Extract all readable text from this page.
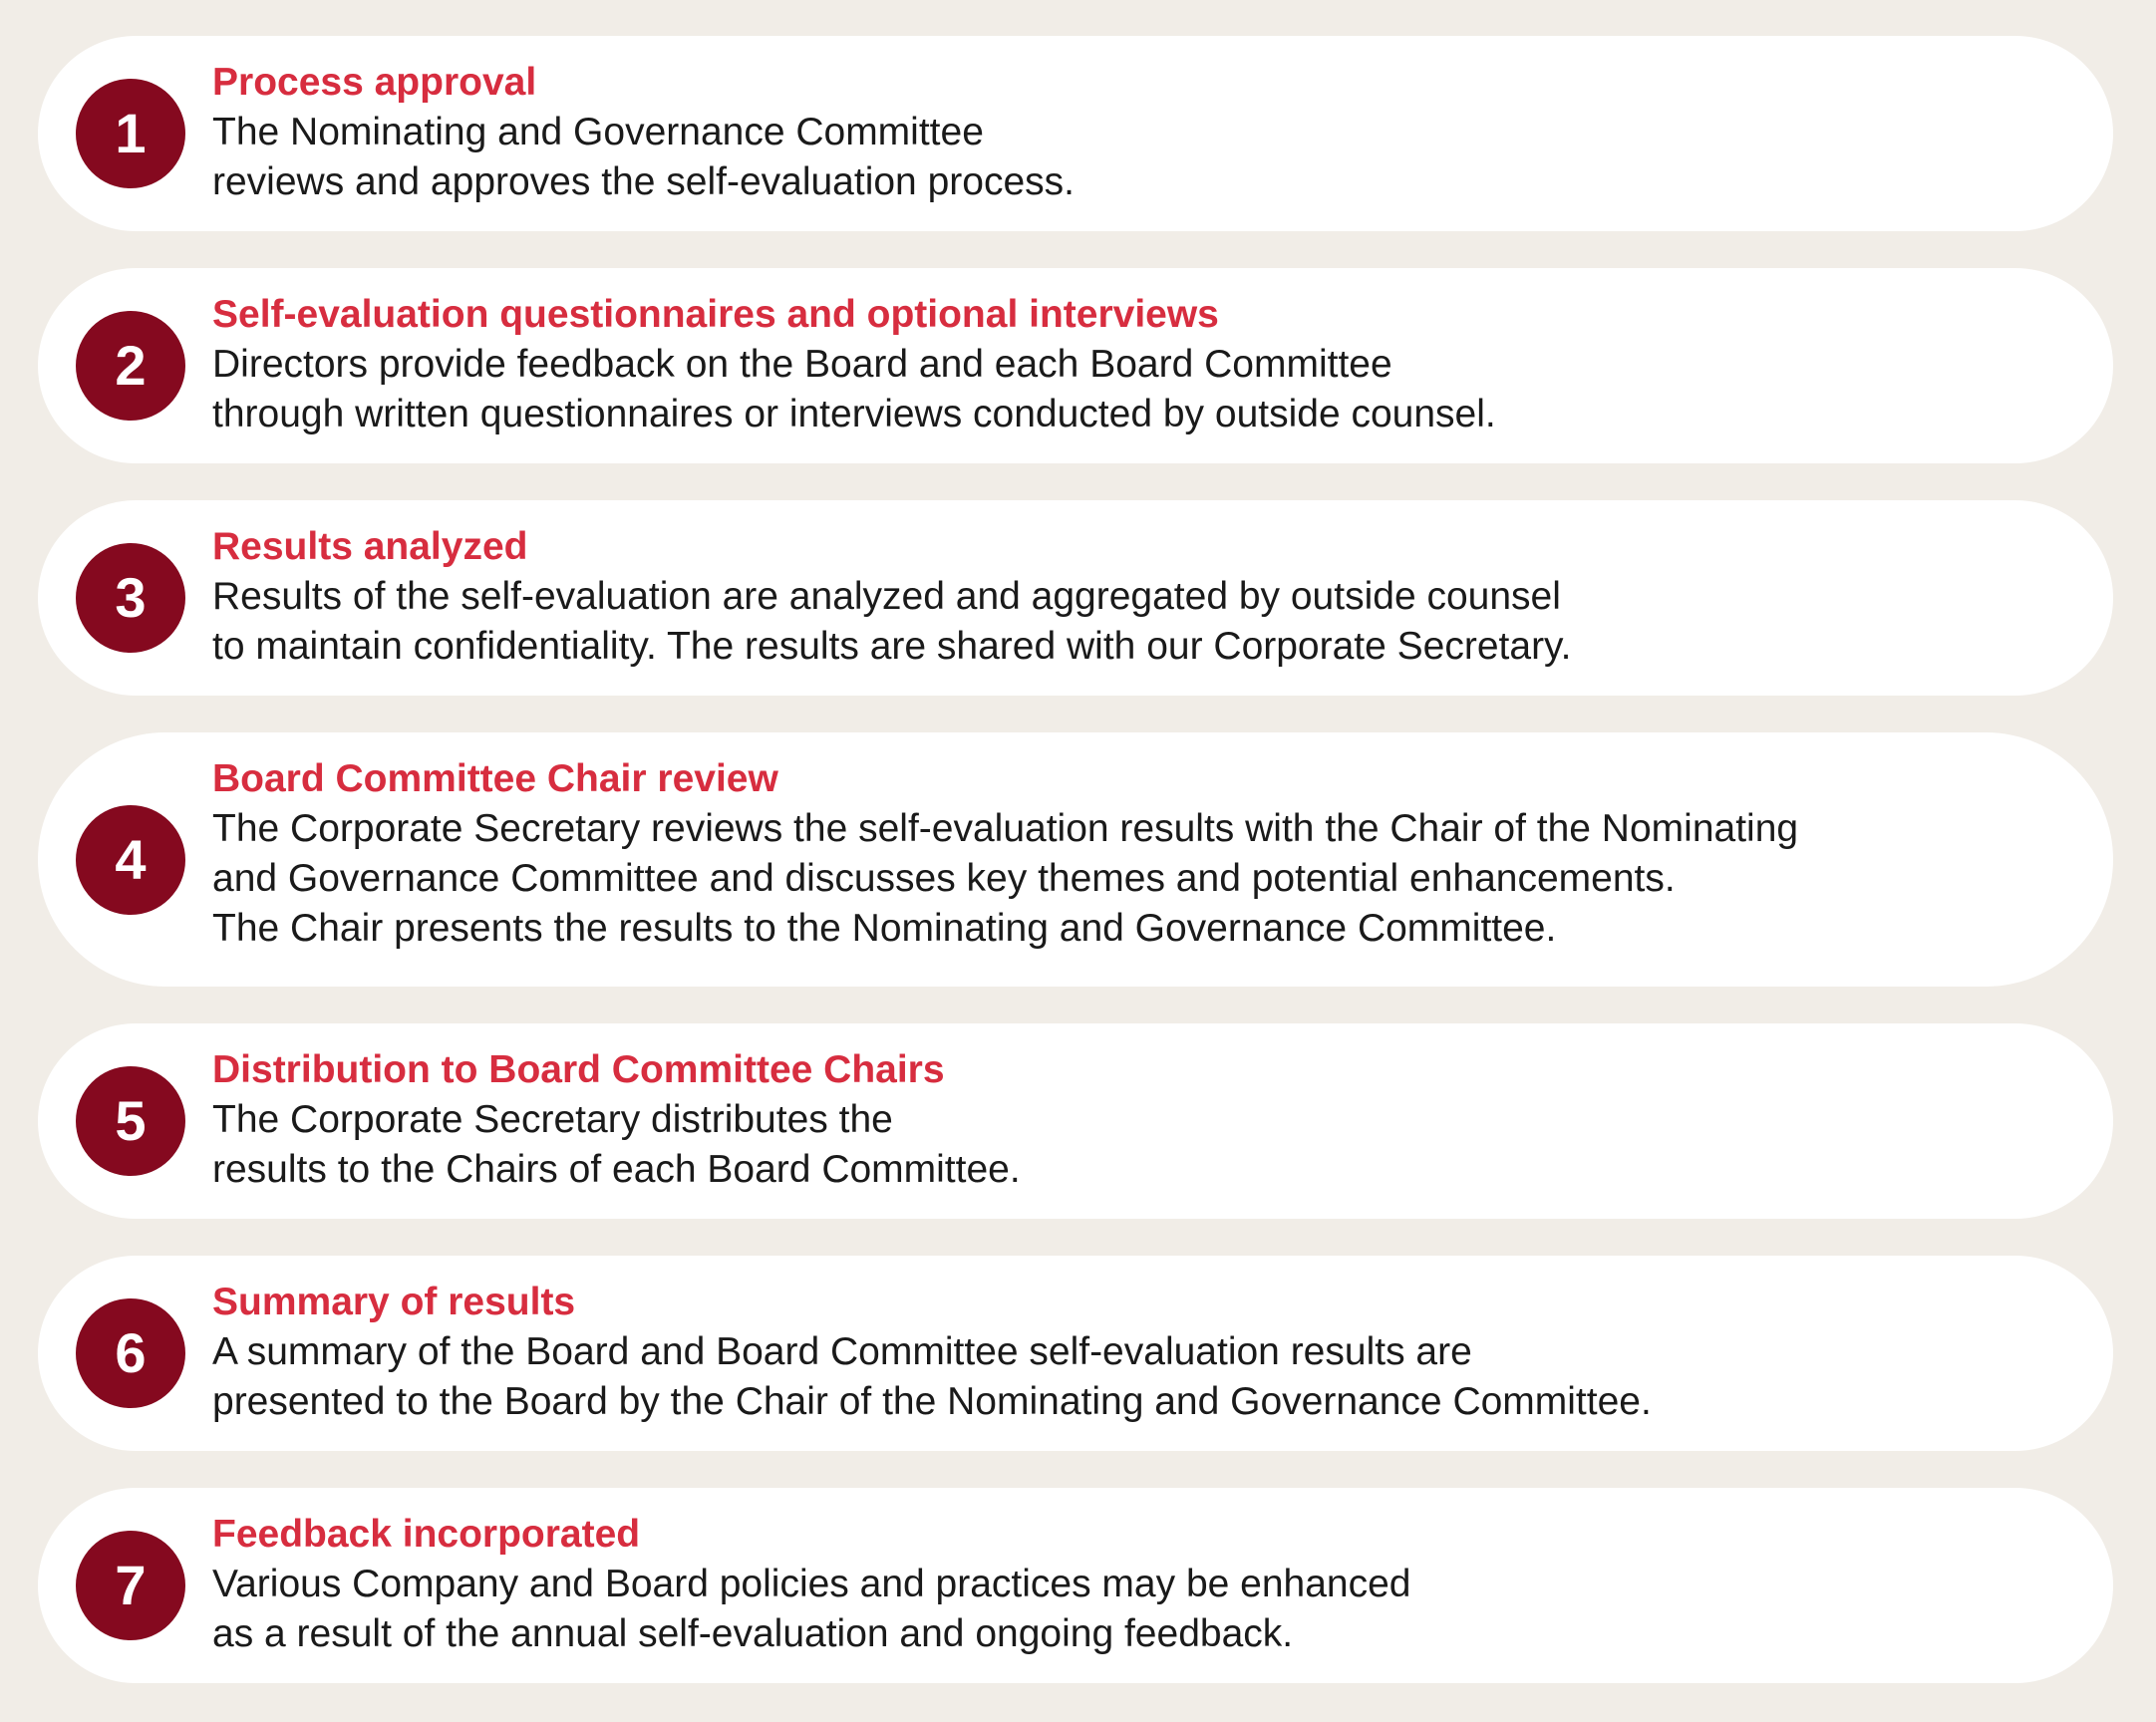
1
Process approval
The Nominating and Governance Committee
reviews and approves the self-evaluation process.
2
Self-evaluation questionnaires and optional interviews
Directors provide feedback on the Board and each Board Committee
through written questionnaires or interviews conducted by outside counsel.
3
Results analyzed
Results of the self-evaluation are analyzed and aggregated by outside counsel
to maintain confidentiality. The results are shared with our Corporate Secretary.
4
Board Committee Chair review
The Corporate Secretary reviews the self-evaluation results with the Chair of the Nominating
and Governance Committee and discusses key themes and potential enhancements.
The Chair presents the results to the Nominating and Governance Committee.
5
Distribution to Board Committee Chairs
The Corporate Secretary distributes the
results to the Chairs of each Board Committee.
6
Summary of results
A summary of the Board and Board Committee self-evaluation results are
presented to the Board by the Chair of the Nominating and Governance Committee.
7
Feedback incorporated
Various Company and Board policies and practices may be enhanced
as a result of the annual self-evaluation and ongoing feedback.
